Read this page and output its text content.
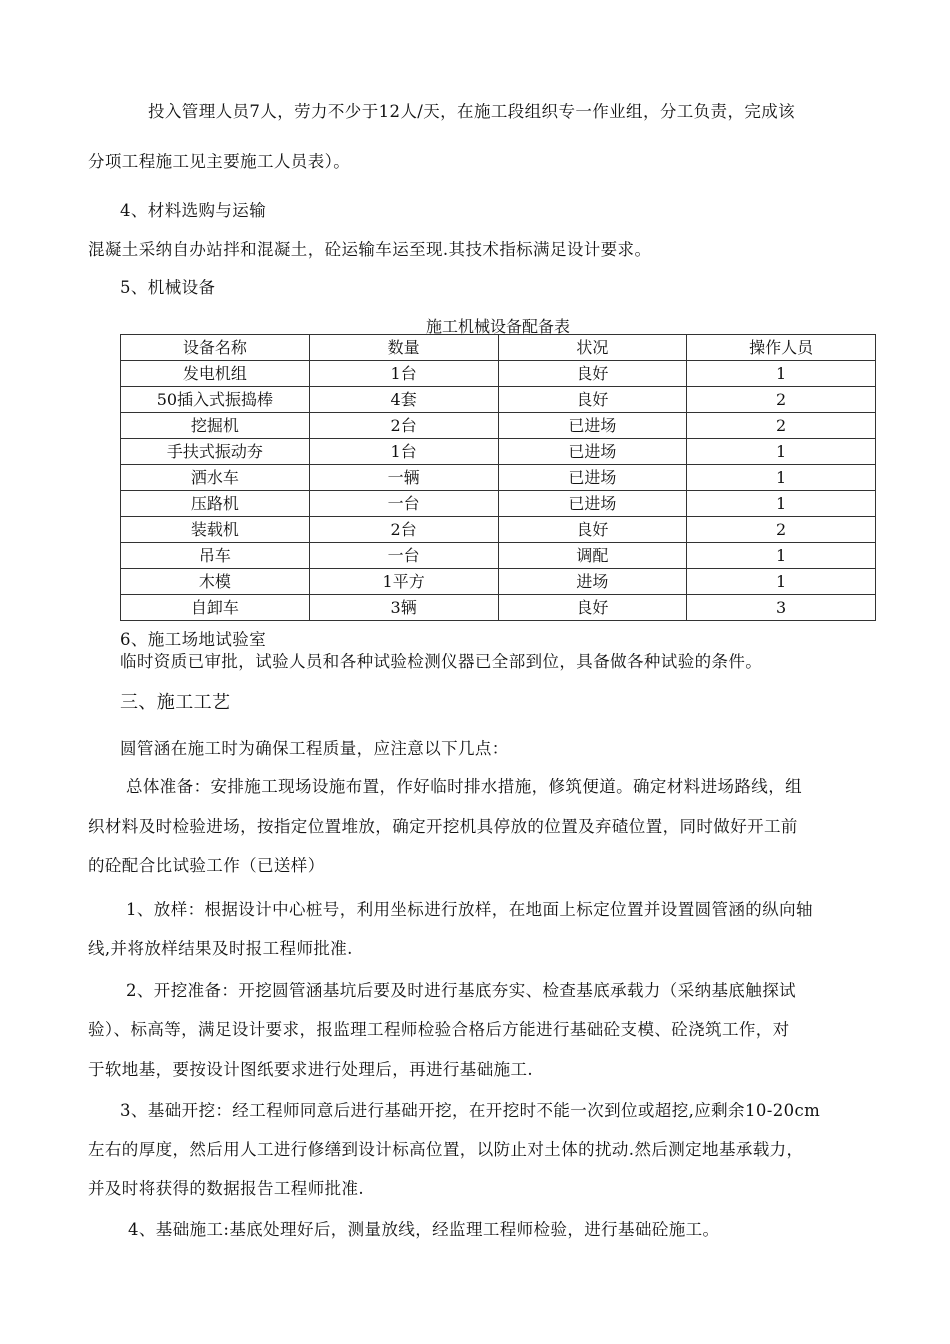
投入管理人员7人，劳力不少于12人/天，在施工段组织专一作业组，分工负责，完成该
分项工程施工见主要施工人员表）。
4、材料选购与运输
混凝土采纳自办站拌和混凝土，砼运输车运至现.其技术指标满足设计要求。
5、机械设备
施工机械设备配备表
设备名称	数量	状况	操作人员
发电机组	1台	良好	1
50插入式振捣棒	4套	良好	2
挖掘机	2台	已进场	2
手扶式振动夯	1台	已进场	1
洒水车	一辆	已进场	1
压路机	一台	已进场	1
装载机	2台	良好	2
吊车	一台	调配	1
木模	1平方	进场	1
自卸车	3辆	良好	3
6、施工场地试验室
临时资质已审批，试验人员和各种试验检测仪器已全部到位，具备做各种试验的条件。
三、施工工艺
圆管涵在施工时为确保工程质量，应注意以下几点：
总体准备：安排施工现场设施布置，作好临时排水措施，修筑便道。确定材料进场路线，组
织材料及时检验进场，按指定位置堆放，确定开挖机具停放的位置及弃碴位置，同时做好开工前
的砼配合比试验工作（已送样）
1、放样：根据设计中心桩号，利用坐标进行放样，在地面上标定位置并设置圆管涵的纵向轴
线,并将放样结果及时报工程师批准.
2、开挖准备：开挖圆管涵基坑后要及时进行基底夯实、检查基底承载力（采纳基底触探试
验）、标高等，满足设计要求，报监理工程师检验合格后方能进行基础砼支模、砼浇筑工作，对
于软地基，要按设计图纸要求进行处理后，再进行基础施工.
3、基础开挖：经工程师同意后进行基础开挖，在开挖时不能一次到位或超挖,应剩余10-20cm
左右的厚度，然后用人工进行修缮到设计标高位置，以防止对土体的扰动.然后测定地基承载力，
并及时将获得的数据报告工程师批准.
4、基础施工:基底处理好后，测量放线，经监理工程师检验，进行基础砼施工。
